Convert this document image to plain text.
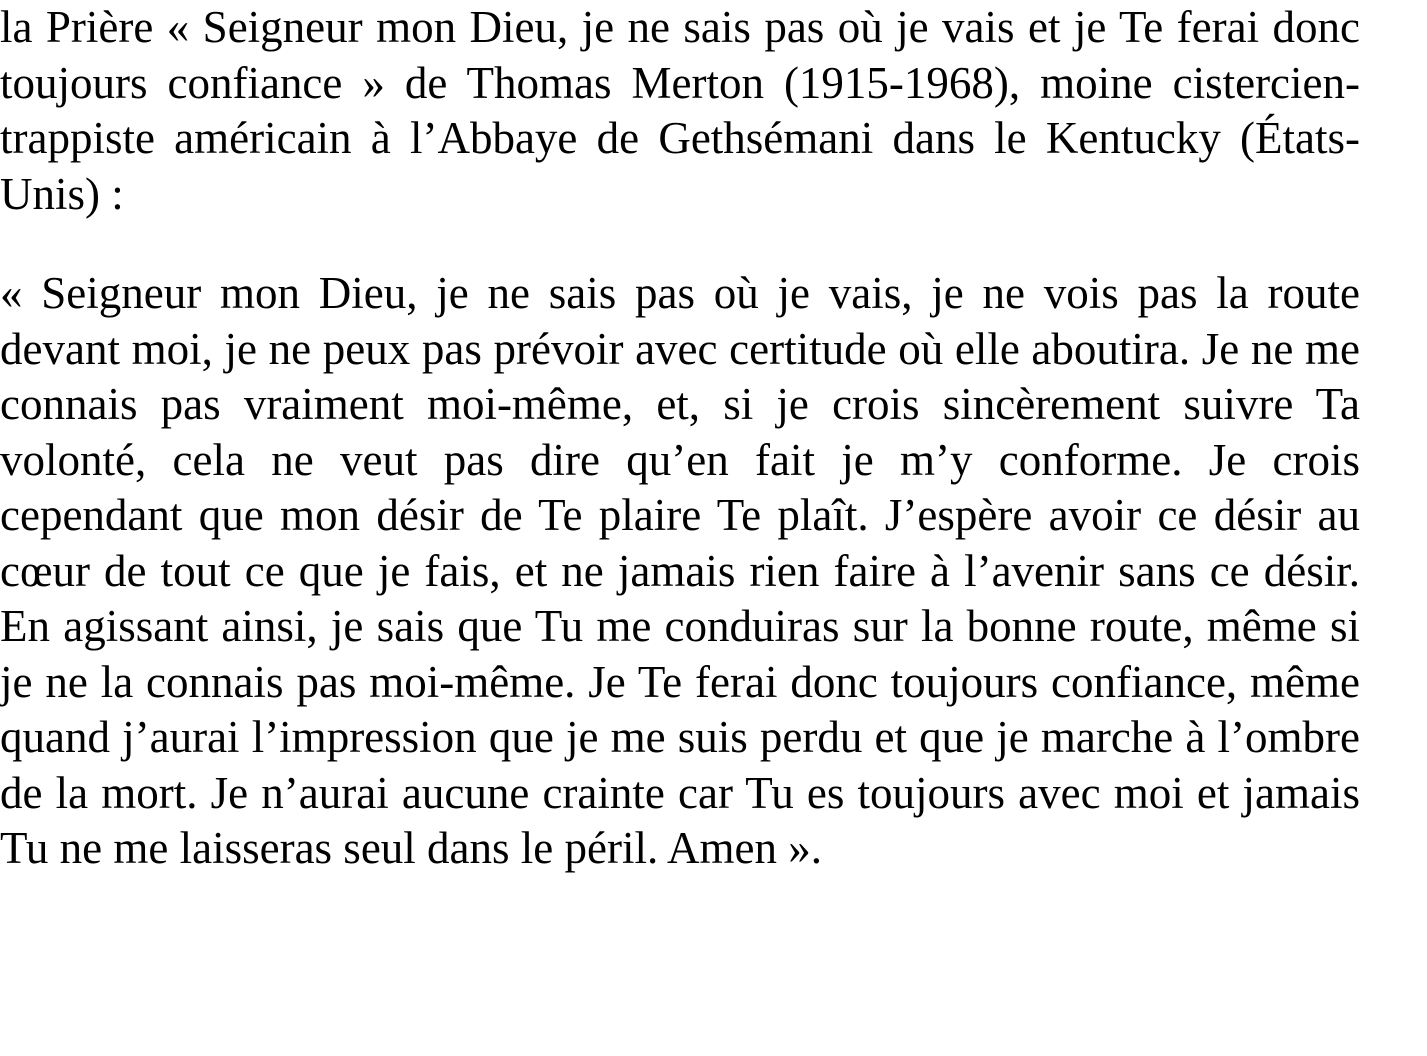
la Prière « Seigneur mon Dieu, je ne sais pas où je vais et je Te ferai donc toujours confiance » de Thomas Merton (1915-1968), moine cistercien-trappiste américain à l’Abbaye de Gethsémani dans le Kentucky (États-Unis) :

« Seigneur mon Dieu, je ne sais pas où je vais, je ne vois pas la route devant moi, je ne peux pas prévoir avec certitude où elle aboutira. Je ne me connais pas vraiment moi-même, et, si je crois sincèrement suivre Ta volonté, cela ne veut pas dire qu’en fait je m’y conforme. Je crois cependant que mon désir de Te plaire Te plaît. J’espère avoir ce désir au cœur de tout ce que je fais, et ne jamais rien faire à l’avenir sans ce désir. En agissant ainsi, je sais que Tu me conduiras sur la bonne route, même si je ne la connais pas moi-même. Je Te ferai donc toujours confiance, même quand j’aurai l’impression que je me suis perdu et que je marche à l’ombre de la mort. Je n’aurai aucune crainte car Tu es toujours avec moi et jamais Tu ne me laisseras seul dans le péril. Amen ».
